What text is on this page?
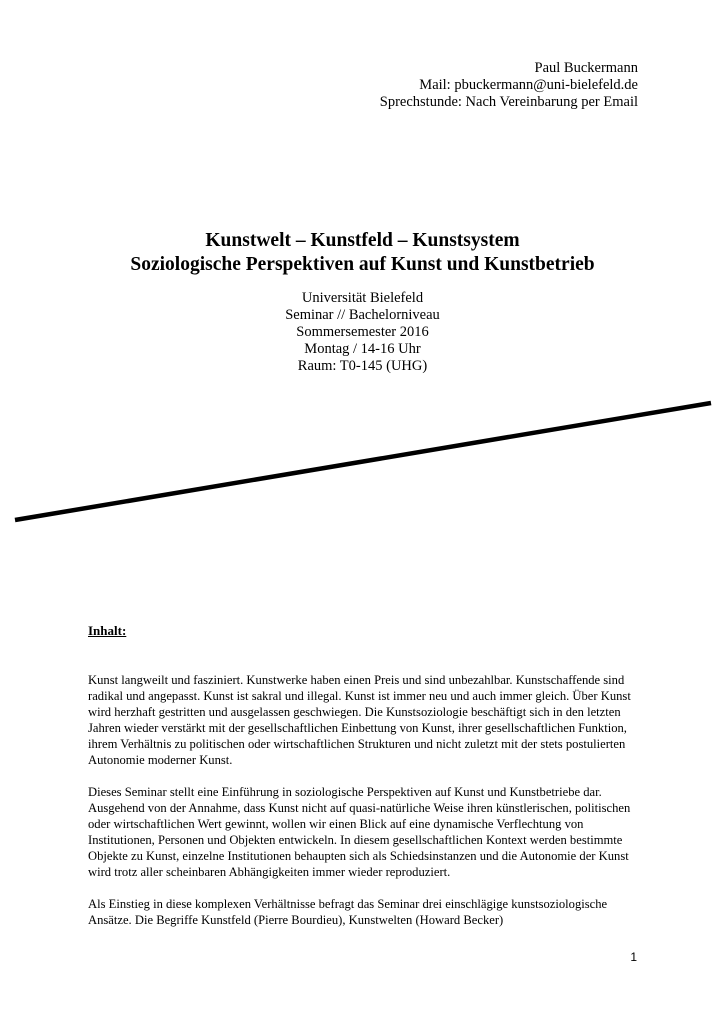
Paul Buckermann
Mail: pbuckermann@uni-bielefeld.de
Sprechstunde: Nach Vereinbarung per Email
Kunstwelt – Kunstfeld – Kunstsystem
Soziologische Perspektiven auf Kunst und Kunstbetrieb
Universität Bielefeld
Seminar // Bachelorniveau
Sommersemester 2016
Montag / 14-16 Uhr
Raum: T0-145 (UHG)
Inhalt:

Kunst langweilt und fasziniert. Kunstwerke haben einen Preis und sind unbezahlbar. Kunstschaffende sind radikal und angepasst. Kunst ist sakral und illegal. Kunst ist immer neu und auch immer gleich. Über Kunst wird herzhaft gestritten und ausgelassen geschwiegen. Die Kunstsoziologie beschäftigt sich in den letzten Jahren wieder verstärkt mit der gesellschaftlichen Einbettung von Kunst, ihrer gesellschaftlichen Funktion, ihrem Verhältnis zu politischen oder wirtschaftlichen Strukturen und nicht zuletzt mit der stets postulierten Autonomie moderner Kunst.

Dieses Seminar stellt eine Einführung in soziologische Perspektiven auf Kunst und Kunstbetriebe dar. Ausgehend von der Annahme, dass Kunst nicht auf quasi-natürliche Weise ihren künstlerischen, politischen oder wirtschaftlichen Wert gewinnt, wollen wir einen Blick auf eine dynamische Verflechtung von Institutionen, Personen und Objekten entwickeln. In diesem gesellschaftlichen Kontext werden bestimmte Objekte zu Kunst, einzelne Institutionen behaupten sich als Schiedsinstanzen und die Autonomie der Kunst wird trotz aller scheinbaren Abhängigkeiten immer wieder reproduziert.

Als Einstieg in diese komplexen Verhältnisse befragt das Seminar drei einschlägige kunstsoziologische Ansätze. Die Begriffe Kunstfeld (Pierre Bourdieu), Kunstwelten (Howard Becker)

1
